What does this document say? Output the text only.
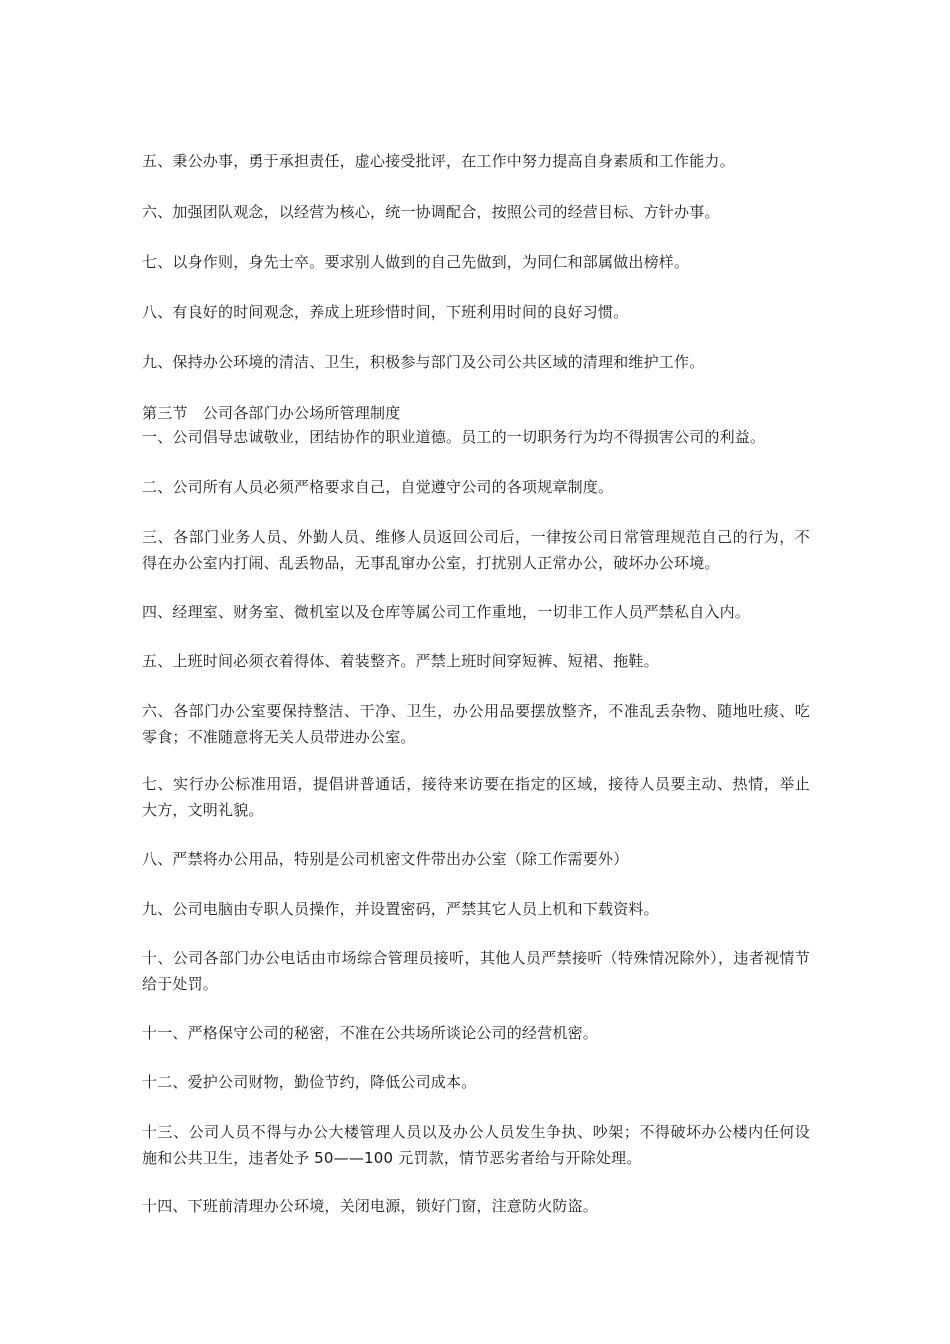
五、秉公办事，勇于承担责任，虚心接受批评，在工作中努力提高自身素质和工作能力。

六、加强团队观念，以经营为核心，统一协调配合，按照公司的经营目标、方针办事。

七、以身作则，身先士卒。要求别人做到的自己先做到，为同仁和部属做出榜样。

八、有良好的时间观念，养成上班珍惜时间，下班利用时间的良好习惯。

九、保持办公环境的清洁、卫生，积极参与部门及公司公共区域的清理和维护工作。

第三节　公司各部门办公场所管理制度

一、公司倡导忠诚敬业，团结协作的职业道德。员工的一切职务行为均不得损害公司的利益。

二、公司所有人员必须严格要求自己，自觉遵守公司的各项规章制度。

三、各部门业务人员、外勤人员、维修人员返回公司后，一律按公司日常管理规范自己的行为，不得在办公室内打闹、乱丢物品，无事乱窜办公室，打扰别人正常办公，破坏办公环境。

四、经理室、财务室、微机室以及仓库等属公司工作重地，一切非工作人员严禁私自入内。

五、上班时间必须衣着得体、着装整齐。严禁上班时间穿短裤、短裙、拖鞋。

六、各部门办公室要保持整洁、干净、卫生，办公用品要摆放整齐，不准乱丢杂物、随地吐痰、吃零食；不准随意将无关人员带进办公室。

七、实行办公标准用语，提倡讲普通话，接待来访要在指定的区域，接待人员要主动、热情，举止大方，文明礼貌。

八、严禁将办公用品，特别是公司机密文件带出办公室（除工作需要外）

九、公司电脑由专职人员操作，并设置密码，严禁其它人员上机和下载资料。

十、公司各部门办公电话由市场综合管理员接听，其他人员严禁接听（特殊情况除外），违者视情节给于处罚。

十一、严格保守公司的秘密，不准在公共场所谈论公司的经营机密。

十二、爱护公司财物，勤俭节约，降低公司成本。

十三、公司人员不得与办公大楼管理人员以及办公人员发生争执、吵架；不得破坏办公楼内任何设施和公共卫生，违者处予 50——100 元罚款，情节恶劣者给与开除处理。

十四、下班前清理办公环境，关闭电源，锁好门窗，注意防火防盗。
